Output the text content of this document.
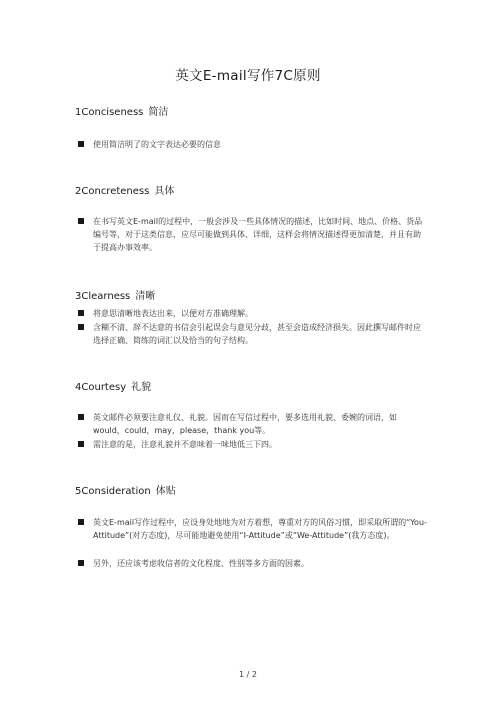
英文E-mail写作7C原则
1Conciseness 简洁
使用简洁明了的文字表达必要的信息
2Concreteness 具体
在书写英文E-mail的过程中，一般会涉及一些具体情况的描述，比如时间、地点、价格、货品编号等，对于这类信息，应尽可能做到具体、详细，这样会将情况描述得更加清楚，并且有助于提高办事效率。
3Clearness 清晰
将意思清晰地表达出来，以便对方准确理解。
含糊不清、辞不达意的书信会引起误会与意见分歧，甚至会造成经济损失。因此撰写邮件时应选择正确、简练的词汇以及恰当的句子结构。
4Courtesy 礼貌
英文邮件必须要注意礼仪、礼貌。因而在写信过程中，要多选用礼貌、委婉的词语，如would，could，may，please，thank you等。
需注意的是，注意礼貌并不意味着一味地低三下四。
5Consideration 体贴
英文E-mail写作过程中，应设身处地地为对方着想，尊重对方的风俗习惯，即采取所谓的“You-Attitude”(对方态度)，尽可能地避免使用“I-Attitude”或“We-Attitude”(我方态度)。
另外，还应该考虑收信者的文化程度、性别等多方面的因素。
1 / 2
